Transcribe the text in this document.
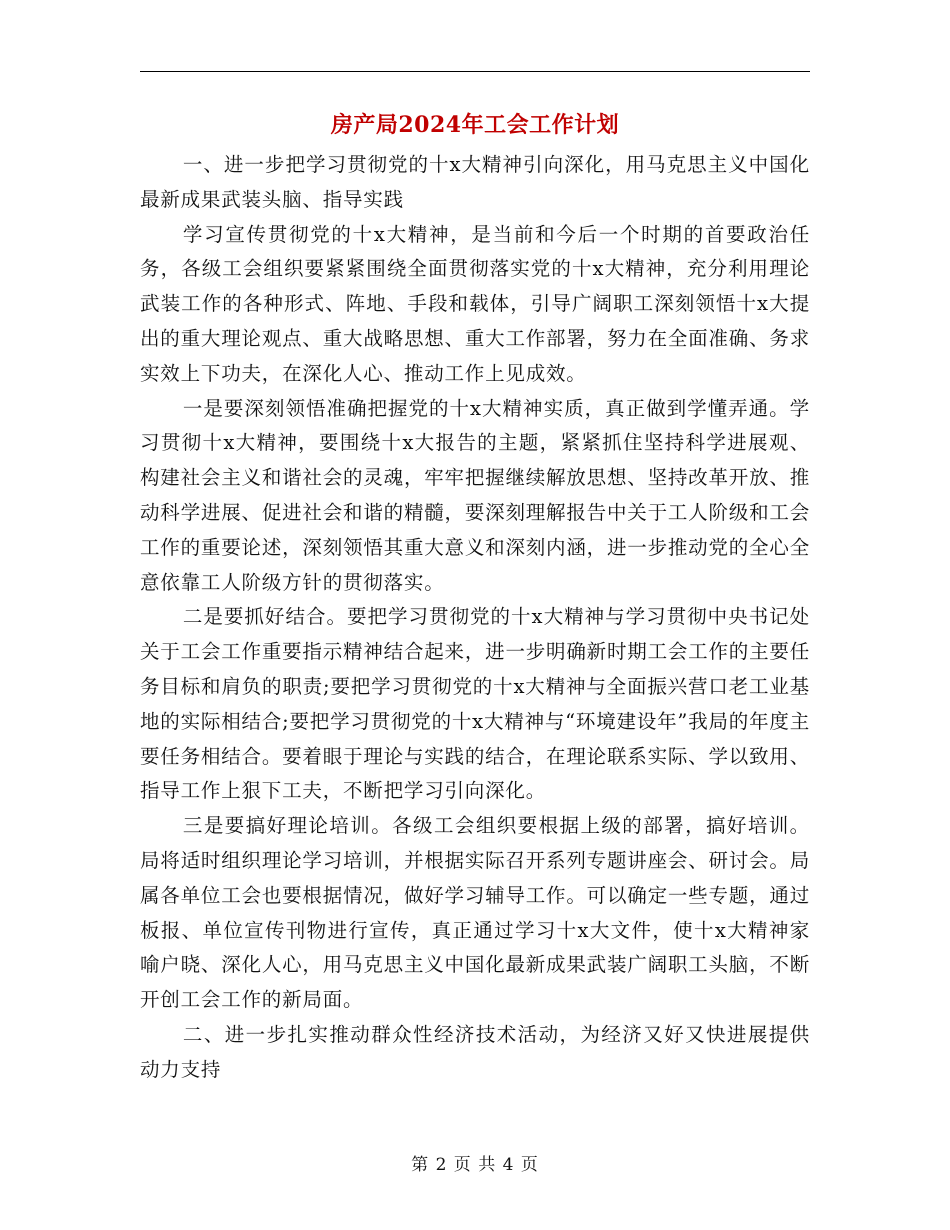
房产局2024年工会工作计划

一、进一步把学习贯彻党的十x大精神引向深化，用马克思主义中国化最新成果武装头脑、指导实践

学习宣传贯彻党的十x大精神，是当前和今后一个时期的首要政治任务，各级工会组织要紧紧围绕全面贯彻落实党的十x大精神，充分利用理论武装工作的各种形式、阵地、手段和载体，引导广阔职工深刻领悟十x大提出的重大理论观点、重大战略思想、重大工作部署，努力在全面准确、务求实效上下功夫，在深化人心、推动工作上见成效。

一是要深刻领悟准确把握党的十x大精神实质，真正做到学懂弄通。学习贯彻十x大精神，要围绕十x大报告的主题，紧紧抓住坚持科学进展观、构建社会主义和谐社会的灵魂，牢牢把握继续解放思想、坚持改革开放、推动科学进展、促进社会和谐的精髓，要深刻理解报告中关于工人阶级和工会工作的重要论述，深刻领悟其重大意义和深刻内涵，进一步推动党的全心全意依靠工人阶级方针的贯彻落实。

二是要抓好结合。要把学习贯彻党的十x大精神与学习贯彻中央书记处关于工会工作重要指示精神结合起来，进一步明确新时期工会工作的主要任务目标和肩负的职责;要把学习贯彻党的十x大精神与全面振兴营口老工业基地的实际相结合;要把学习贯彻党的十x大精神与“环境建设年”我局的年度主要任务相结合。要着眼于理论与实践的结合，在理论联系实际、学以致用、指导工作上狠下工夫，不断把学习引向深化。

三是要搞好理论培训。各级工会组织要根据上级的部署，搞好培训。局将适时组织理论学习培训，并根据实际召开系列专题讲座会、研讨会。局属各单位工会也要根据情况，做好学习辅导工作。可以确定一些专题，通过板报、单位宣传刊物进行宣传，真正通过学习十x大文件，使十x大精神家喻户晓、深化人心，用马克思主义中国化最新成果武装广阔职工头脑，不断开创工会工作的新局面。

二、进一步扎实推动群众性经济技术活动，为经济又好又快进展提供动力支持

第 2 页 共 4 页
